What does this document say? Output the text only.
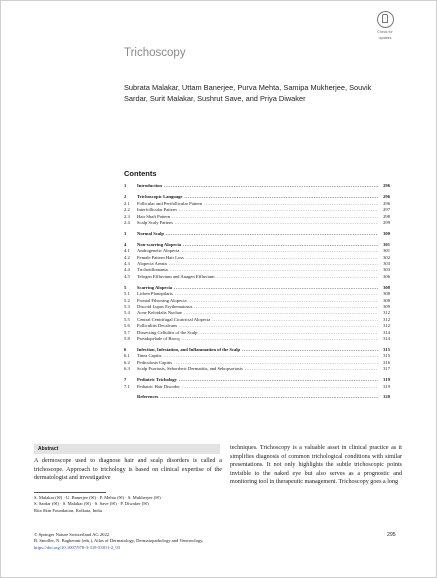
Check for
updates
Trichoscopy
Subrata Malakar, Uttam Banerjee, Purva Mehta, Samipa Mukherjee, Souvik Sardar, Surit Malakar, Sushrut Save, and Priya Diwaker
Contents
1	Introduction .....	296
2	Trichoscopic Language .....	296
2.1	Follicular and Perifollicular Pattern .....	296
2.2	Interfollicular Pattern .....	297
2.3	Hair Shaft Pattern .....	298
2.4	Scalp Scaly Pattern .....	299
3	Normal Scalp .....	300
4	Non-scarring Alopecia .....	301
4.1	Androgenetic Alopecia .....	301
4.2	Female Pattern Hair Loss .....	302
4.3	Alopecia Areata .....	303
4.4	Trichotillomania .....	303
4.5	Telogen Effluvium and Anagen Effluvium .....	306
5	Scarring Alopecia .....	308
5.1	Lichen Planopilaris .....	308
5.2	Frontal Fibrosing Alopecia .....	308
5.3	Discoid Lupus Erythematosus .....	309
5.4	Acne Keloidalis Nuchae .....	312
5.5	Central Centrifugal Cicatricial Alopecia .....	312
5.6	Folliculitis Decalvans .....	312
5.7	Dissecting Cellulitis of the Scalp .....	314
5.8	Pseudopelade of Brocq .....	314
6	Infection, Infestation, and Inflammation of the Scalp .....	315
6.1	Tinea Capitis .....	315
6.2	Pediculosis Capitis .....	316
6.3	Scalp Psoriasis, Seborrheic Dermatitis, and Sebopsoriasis .....	317
7	Pediatric Trichology .....	319
7.1	Pediatric Hair Disorder .....	319
References .....	320
Abstract
A dermoscope used to diagnose hair and scalp disorders is called a trichoscope. Approach to trichology is based on clinical expertise of the dermatologist and investigative
techniques. Trichoscopy is a valuable asset in clinical practice as it simplifies diagnosis of common trichological conditions with similar presentations. It not only highlights the subtle trichoscopic points invisible to the naked eye but also serves as a prognostic and monitoring tool in therapeutic management. Trichoscopy goes a long
S. Malakar (✉) · U. Banerjee (✉) · P. Mehta (✉) · S. Mukherjee (✉) ·
S. Sardar (✉) · S. Malakar (✉) · S. Save (✉) · P. Diwaker (✉)
Rita Skin Foundation, Kolkata, India
© Springer Nature Switzerland AG 2022
B. Smoller, N. Bagherani (eds.), Atlas of Dermatology, Dermatopathology and Venereology,
https://doi.org/10.1007/978-3-319-53811-2_93
295
